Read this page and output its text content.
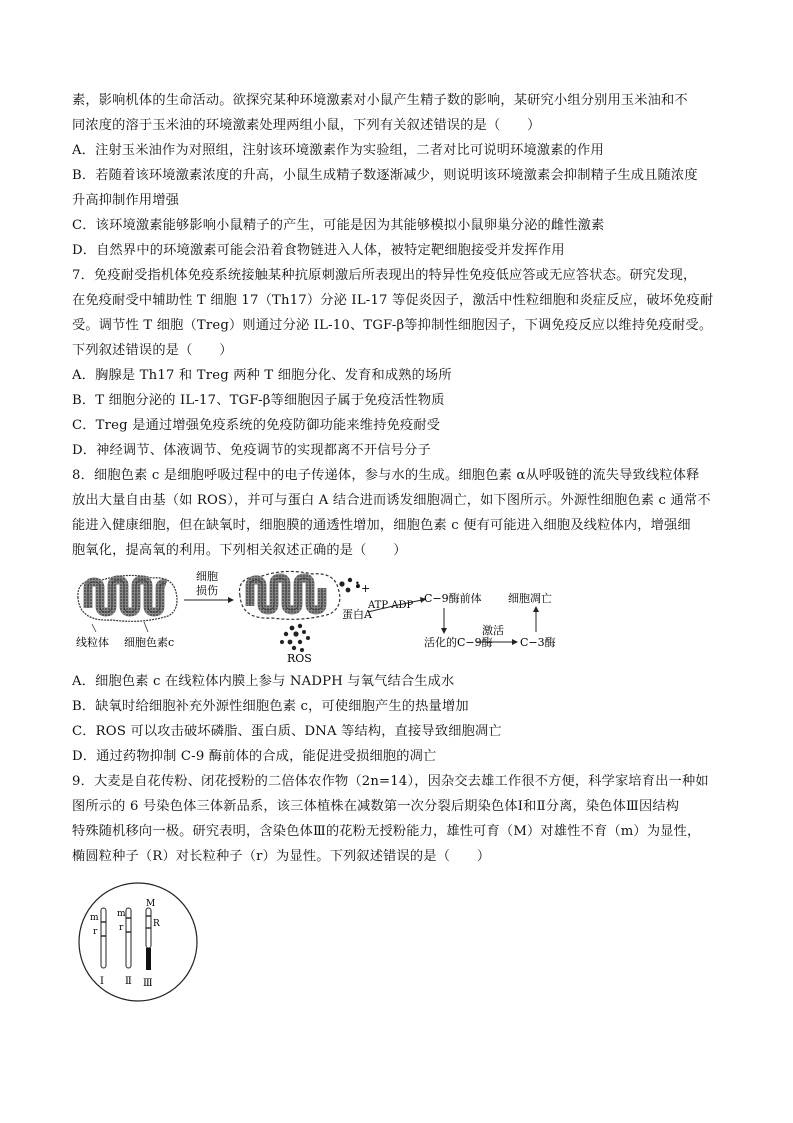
素，影响机体的生命活动。欲探究某种环境激素对小鼠产生精子数的影响，某研究小组分别用玉米油和不
同浓度的溶于玉米油的环境激素处理两组小鼠，下列有关叙述错误的是（　　）
A．注射玉米油作为对照组，注射该环境激素作为实验组，二者对比可说明环境激素的作用
B．若随着该环境激素浓度的升高，小鼠生成精子数逐渐减少，则说明该环境激素会抑制精子生成且随浓度
升高抑制作用增强
C．该环境激素能够影响小鼠精子的产生，可能是因为其能够模拟小鼠卵巢分泌的雌性激素
D．自然界中的环境激素可能会沿着食物链进入人体，被特定靶细胞接受并发挥作用
7．免疫耐受指机体免疫系统接触某种抗原刺激后所表现出的特异性免疫低应答或无应答状态。研究发现，
在免疫耐受中辅助性 T 细胞 17（Th17）分泌 IL-17 等促炎因子，激活中性粒细胞和炎症反应，破坏免疫耐
受。调节性 T 细胞（Treg）则通过分泌 IL-10、TGF-β等抑制性细胞因子，下调免疫反应以维持免疫耐受。
下列叙述错误的是（　　）
A．胸腺是 Th17 和 Treg 两种 T 细胞分化、发育和成熟的场所
B．T 细胞分泌的 IL-17、TGF-β等细胞因子属于免疫活性物质
C．Treg 是通过增强免疫系统的免疫防御功能来维持免疫耐受
D．神经调节、体液调节、免疫调节的实现都离不开信号分子
8．细胞色素 c 是细胞呼吸过程中的电子传递体，参与水的生成。细胞色素 α从呼吸链的流失导致线粒体释
放出大量自由基（如 ROS），并可与蛋白 A 结合进而诱发细胞凋亡，如下图所示。外源性细胞色素 c 通常不
能进入健康细胞，但在缺氧时，细胞膜的通透性增加，细胞色素 c 便有可能进入细胞及线粒体内，增强细
胞氧化，提高氧的利用。下列相关叙述正确的是（　　）
线粒体 细胞色素c
细胞
损伤	: +
ROS
蛋白A
ATP ADP
C−9酶前体
活化的C−9酶
激活
C−3酶
细胞凋亡
A．细胞色素 c 在线粒体内膜上参与 NADPH 与氧气结合生成水
B．缺氧时给细胞补充外源性细胞色素 c，可使细胞产生的热量增加
C．ROS 可以攻击破坏磷脂、蛋白质、DNA 等结构，直接导致细胞凋亡
D．通过药物抑制 C-9 酶前体的合成，能促进受损细胞的凋亡
9．大麦是自花传粉、闭花授粉的二倍体农作物（2n=14），因杂交去雄工作很不方便，科学家培育出一种如
图所示的 6 号染色体三体新品系，该三体植株在减数第一次分裂后期染色体Ⅰ和Ⅱ分离，染色体Ⅲ因结构
特殊随机移向一极。研究表明，含染色体Ⅲ的花粉无授粉能力，雄性可育（M）对雄性不育（m）为显性，
椭圆粒种子（R）对长粒种子（r）为显性。下列叙述错误的是（　　）
m
r
Ⅰ
m
r
Ⅱ
M
R
Ⅲ
